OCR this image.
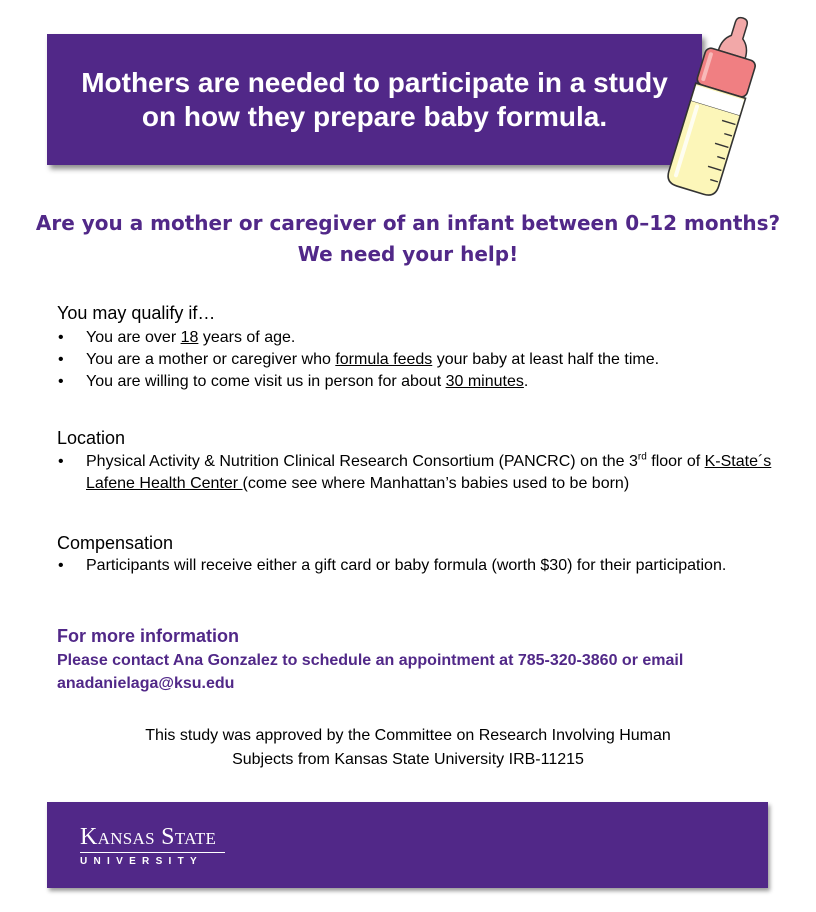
Mothers are needed to participate in a study on how they prepare baby formula.
Are you a mother or caregiver of an infant between 0–12 months?
We need your help!
You may qualify if…
• You are over 18 years of age.
• You are a mother or caregiver who formula feeds your baby at least half the time.
• You are willing to come visit us in person for about 30 minutes.
Location
• Physical Activity & Nutrition Clinical Research Consortium (PANCRC) on the 3rd floor of K-State´s Lafene Health Center (come see where Manhattan’s babies used to be born)
Compensation
• Participants will receive either a gift card or baby formula (worth $30) for their participation.
For more information

Please contact Ana Gonzalez to schedule an appointment at 785-320-3860 or email anadanielaga@ksu.edu

This study was approved by the Committee on Research Involving Human
Subjects from Kansas State University IRB-11215
Kansas State
UNIVERSITY
